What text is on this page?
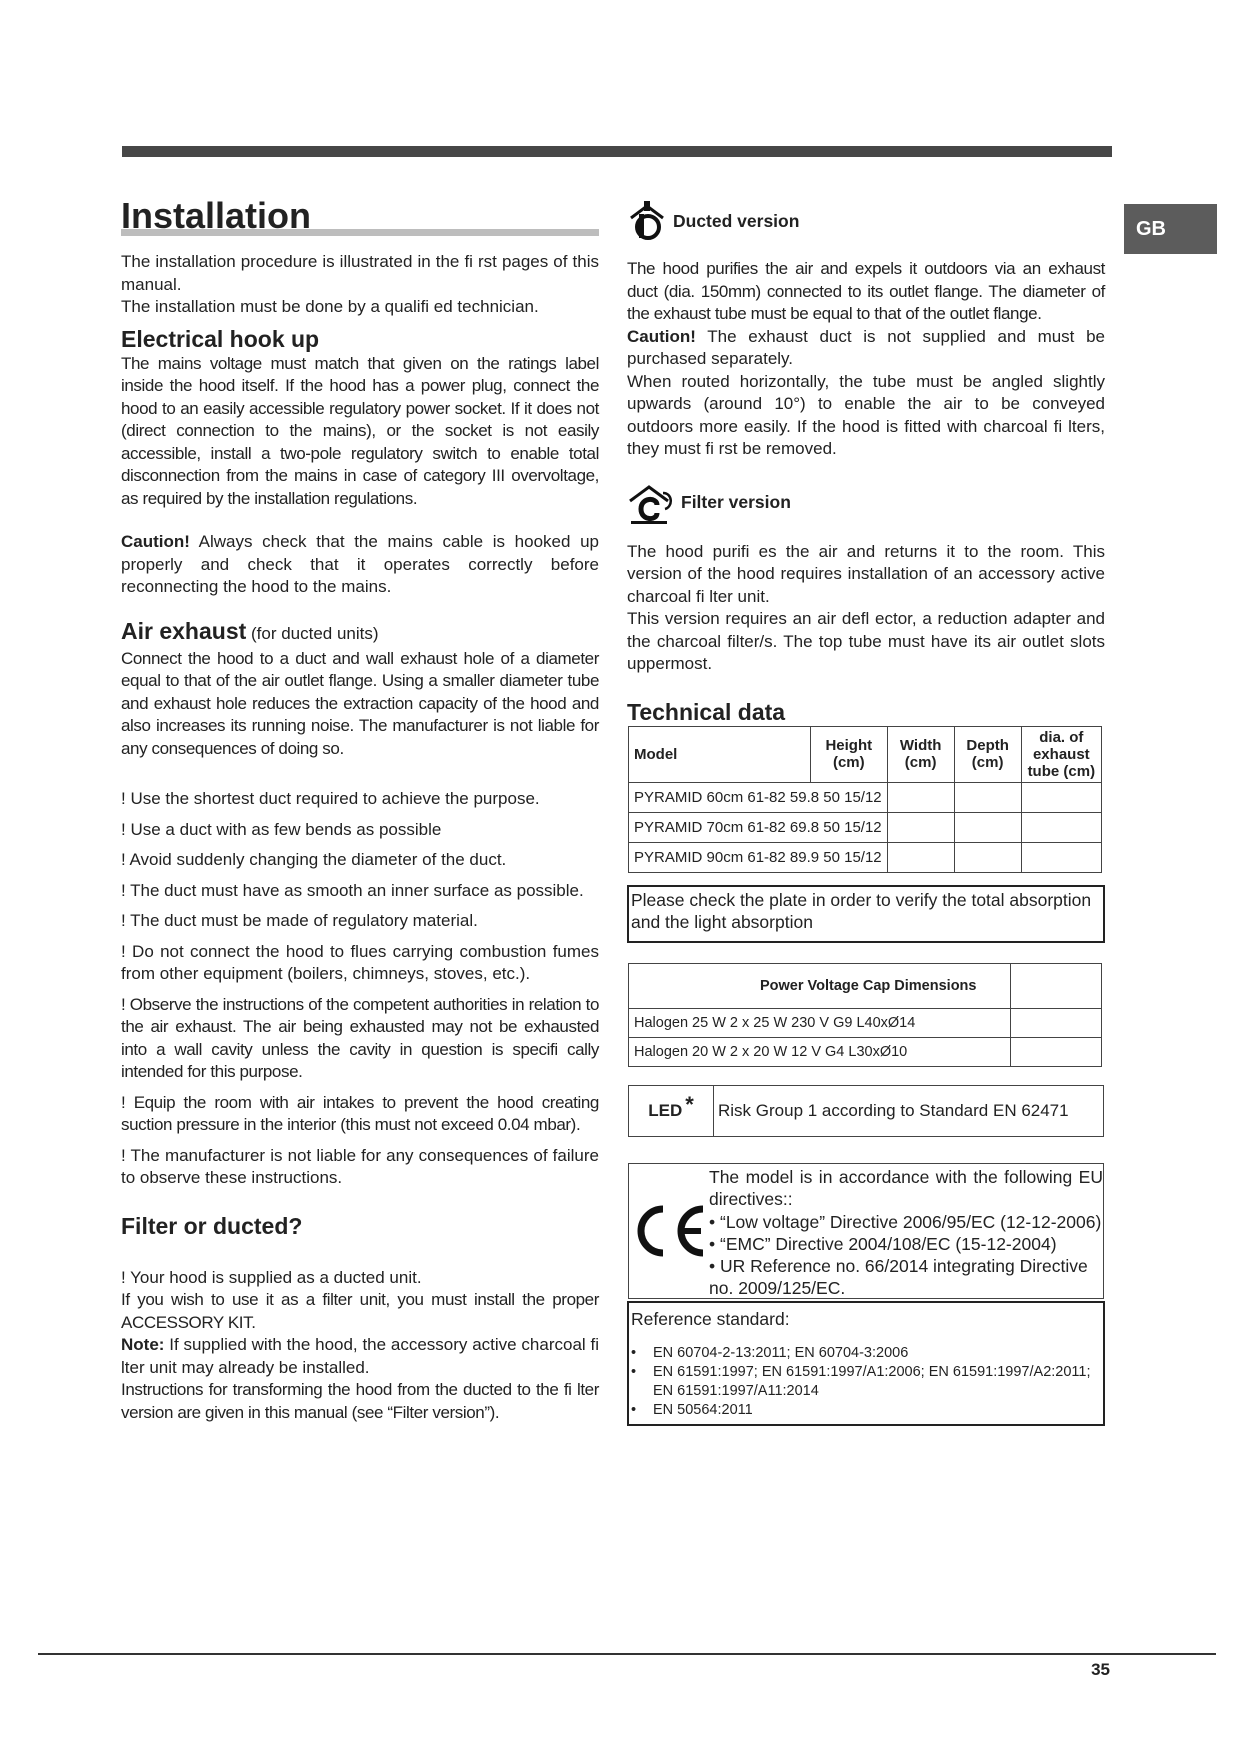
GB
Installation

The installation procedure is illustrated in the fi rst pages of this manual.

The installation must be done by a qualifi ed technician.

Electrical hook up

The mains voltage must match that given on the ratings label inside the hood itself. If the hood has a power plug, connect the hood to an easily accessible regulatory power socket. If it does not (direct connection to the mains), or the socket is not easily accessible, install a two-pole regulatory switch to enable total disconnection from the mains in case of category III overvoltage, as required by the installation regulations.

Caution! Always check that the mains cable is hooked up properly and check that it operates correctly before reconnecting the hood to the mains.

Air exhaust (for ducted units)

Connect the hood to a duct and wall exhaust hole of a diameter equal to that of the air outlet flange. Using a smaller diameter tube and exhaust hole reduces the extraction capacity of the hood and also increases its running noise. The manufacturer is not liable for any consequences of doing so.

! Use the shortest duct required to achieve the purpose.

! Use a duct with as few bends as possible

! Avoid suddenly changing the diameter of the duct.

! The duct must have as smooth an inner surface as possible.

! The duct must be made of regulatory material.

! Do not connect the hood to flues carrying combustion fumes from other equipment (boilers, chimneys, stoves, etc.).

! Observe the instructions of the competent authorities in relation to the air exhaust. The air being exhausted may not be exhausted into a wall cavity unless the cavity in question is specifi cally intended for this purpose.

! Equip the room with air intakes to prevent the hood creating suction pressure in the interior (this must not exceed 0.04 mbar).

! The manufacturer is not liable for any consequences of failure to observe these instructions.

Filter or ducted?

! Your hood is supplied as a ducted unit.

If you wish to use it as a filter unit, you must install the proper ACCESSORY KIT.

Note: If supplied with the hood, the accessory active charcoal fi lter unit may already be installed.

Instructions for transforming the hood from the ducted to the fi lter version are given in this manual (see “Filter version”).

Ducted version

The hood purifies the air and expels it outdoors via an exhaust duct (dia. 150mm) connected to its outlet flange. The diameter of the exhaust tube must be equal to that of the outlet flange.

Caution! The exhaust duct is not supplied and must be purchased separately.

When routed horizontally, the tube must be angled slightly upwards (around 10°) to enable the air to be conveyed outdoors more easily. If the hood is fitted with charcoal fi lters, they must fi rst be removed.

Filter version

The hood purifi es the air and returns it to the room. This version of the hood requires installation of an accessory active charcoal fi lter unit.

This version requires an air defl ector, a reduction adapter and the charcoal filter/s. The top tube must have its air outlet slots uppermost.

Technical data
Model	Height (cm)	Width (cm)	Depth (cm)	dia. of exhaust tube (cm)
PYRAMID 60cm 61-82 59.8 50 15/12				
PYRAMID 70cm 61-82 69.8 50 15/12				
PYRAMID 90cm 61-82 89.9 50 15/12				
Please check the plate in order to verify the total absorption and the light absorption
	Power Voltage Cap Dimensions	
Halogen 25 W 2 x 25 W 230 V G9 L40xØ14		
Halogen 20 W 2 x 20 W 12 V G4 L30xØ10		
LED * Risk Group 1 according to Standard EN 62471

The model is in accordance with the following EU directives::

• “Low voltage” Directive 2006/95/EC (12-12-2006)
• “EMC” Directive 2004/108/EC (15-12-2004)
• UR Reference no. 66/2014 integrating Directive no. 2009/125/EC.
Reference standard:
• EN 60704-2-13:2011; EN 60704-3:2006
• EN 61591:1997; EN 61591:1997/A1:2006; EN 61591:1997/A2:2011; EN 61591:1997/A11:2014
• EN 50564:2011
35
